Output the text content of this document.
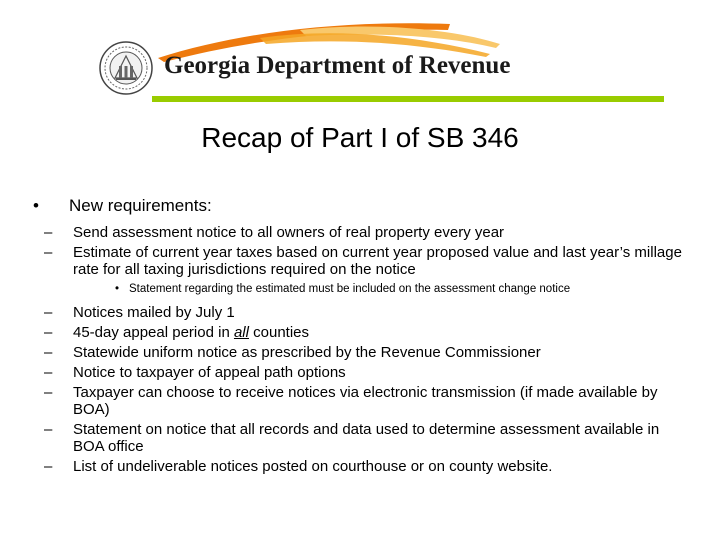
Georgia Department of Revenue
Recap of Part I of SB 346
•	New requirements:
–	Send assessment notice to all owners of real property every year
–	Estimate of current year taxes based on current year proposed value and last year’s millage rate for all taxing jurisdictions required on the notice
• Statement regarding the estimated must be included on the assessment change notice
–	Notices mailed by July 1
–	45-day appeal period in all counties
–	Statewide uniform notice as prescribed by the Revenue Commissioner
–	Notice to taxpayer of appeal path options
–	Taxpayer can choose to receive notices via electronic transmission (if made available by BOA)
–	Statement on notice that all records and data used to determine assessment available in BOA office
–	List of undeliverable notices posted on courthouse or on county website.
